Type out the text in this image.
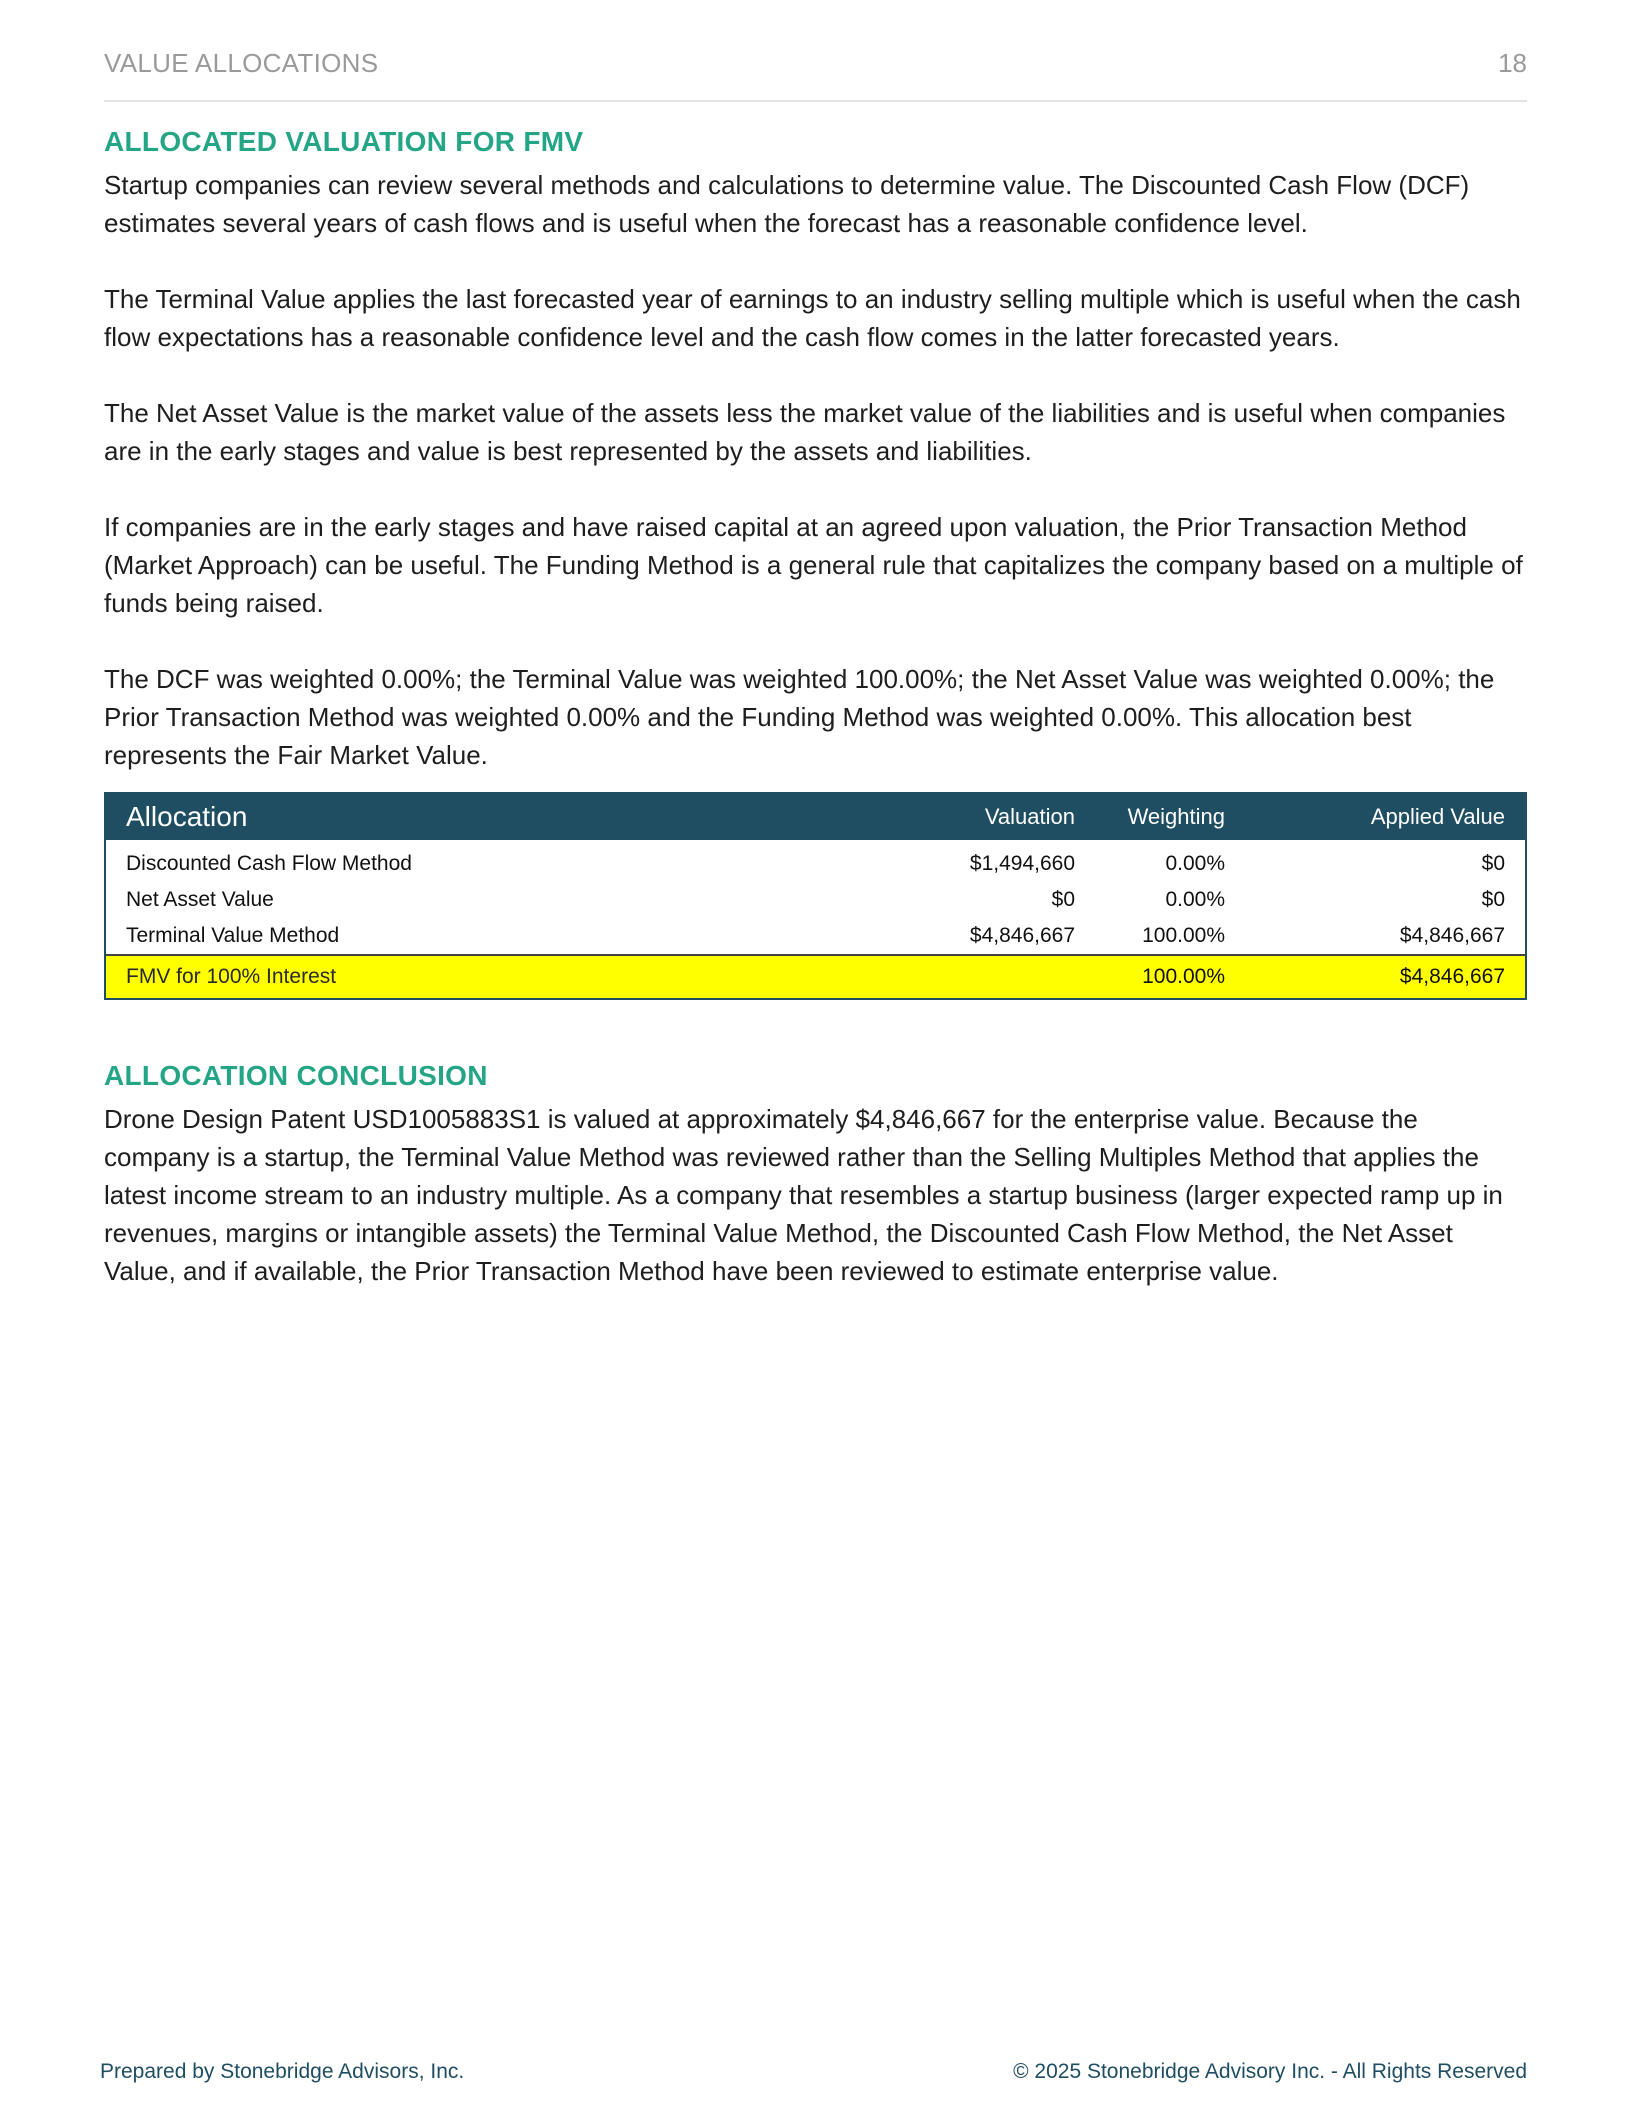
VALUE ALLOCATIONS	18
ALLOCATED VALUATION FOR FMV

Startup companies can review several methods and calculations to determine value. The Discounted Cash Flow (DCF) estimates several years of cash flows and is useful when the forecast has a reasonable confidence level.

The Terminal Value applies the last forecasted year of earnings to an industry selling multiple which is useful when the cash flow expectations has a reasonable confidence level and the cash flow comes in the latter forecasted years.

The Net Asset Value is the market value of the assets less the market value of the liabilities and is useful when companies are in the early stages and value is best represented by the assets and liabilities.

If companies are in the early stages and have raised capital at an agreed upon valuation, the Prior Transaction Method (Market Approach) can be useful. The Funding Method is a general rule that capitalizes the company based on a multiple of funds being raised.

The DCF was weighted 0.00%; the Terminal Value was weighted 100.00%; the Net Asset Value was weighted 0.00%; the Prior Transaction Method was weighted 0.00% and the Funding Method was weighted 0.00%. This allocation best represents the Fair Market Value.

Allocation	Valuation	Weighting	Applied Value
Discounted Cash Flow Method	$1,494,660	0.00%	$0
Net Asset Value	$0	0.00%	$0
Terminal Value Method	$4,846,667	100.00%	$4,846,667
FMV for 100% Interest		100.00%	$4,846,667
ALLOCATION CONCLUSION

Drone Design Patent USD1005883S1 is valued at approximately $4,846,667 for the enterprise value. Because the company is a startup, the Terminal Value Method was reviewed rather than the Selling Multiples Method that applies the latest income stream to an industry multiple. As a company that resembles a startup business (larger expected ramp up in revenues, margins or intangible assets) the Terminal Value Method, the Discounted Cash Flow Method, the Net Asset Value, and if available, the Prior Transaction Method have been reviewed to estimate enterprise value.

Prepared by Stonebridge Advisors, Inc.	© 2025 Stonebridge Advisory Inc. - All Rights Reserved
